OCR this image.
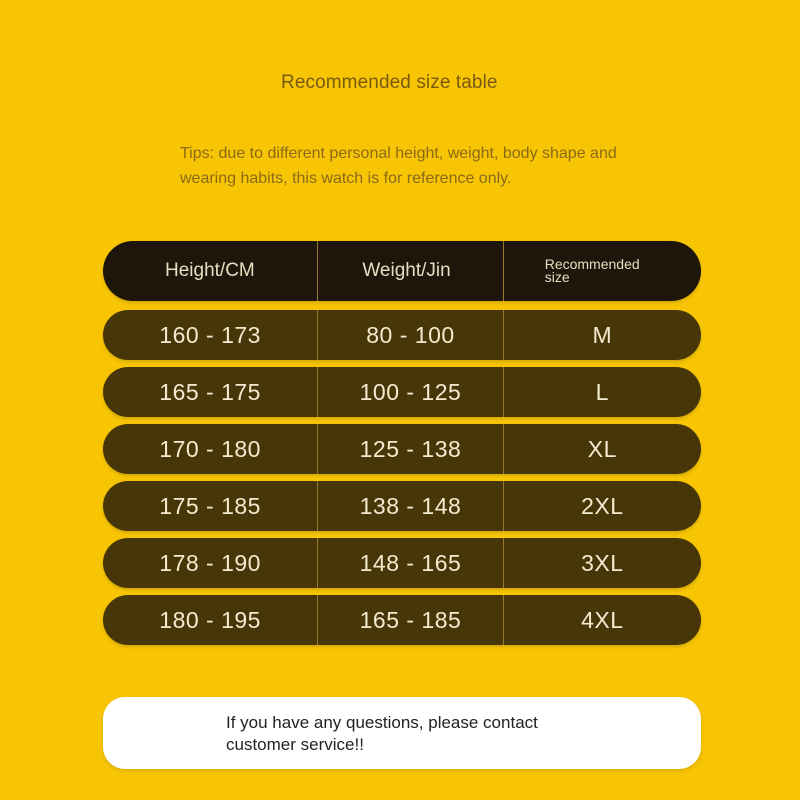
Recommended size table
Tips: due to different personal height, weight, body shape and wearing habits, this watch is for reference only.
Height/CM	Weight/Jin	Recommended
size
160 - 173	80 - 100	M
165 - 175	100 - 125	L
170 - 180	125 - 138	XL
175 - 185	138 - 148	2XL
178 - 190	148 - 165	3XL
180 - 195	165 - 185	4XL
If you have any questions, please contact customer service!!
